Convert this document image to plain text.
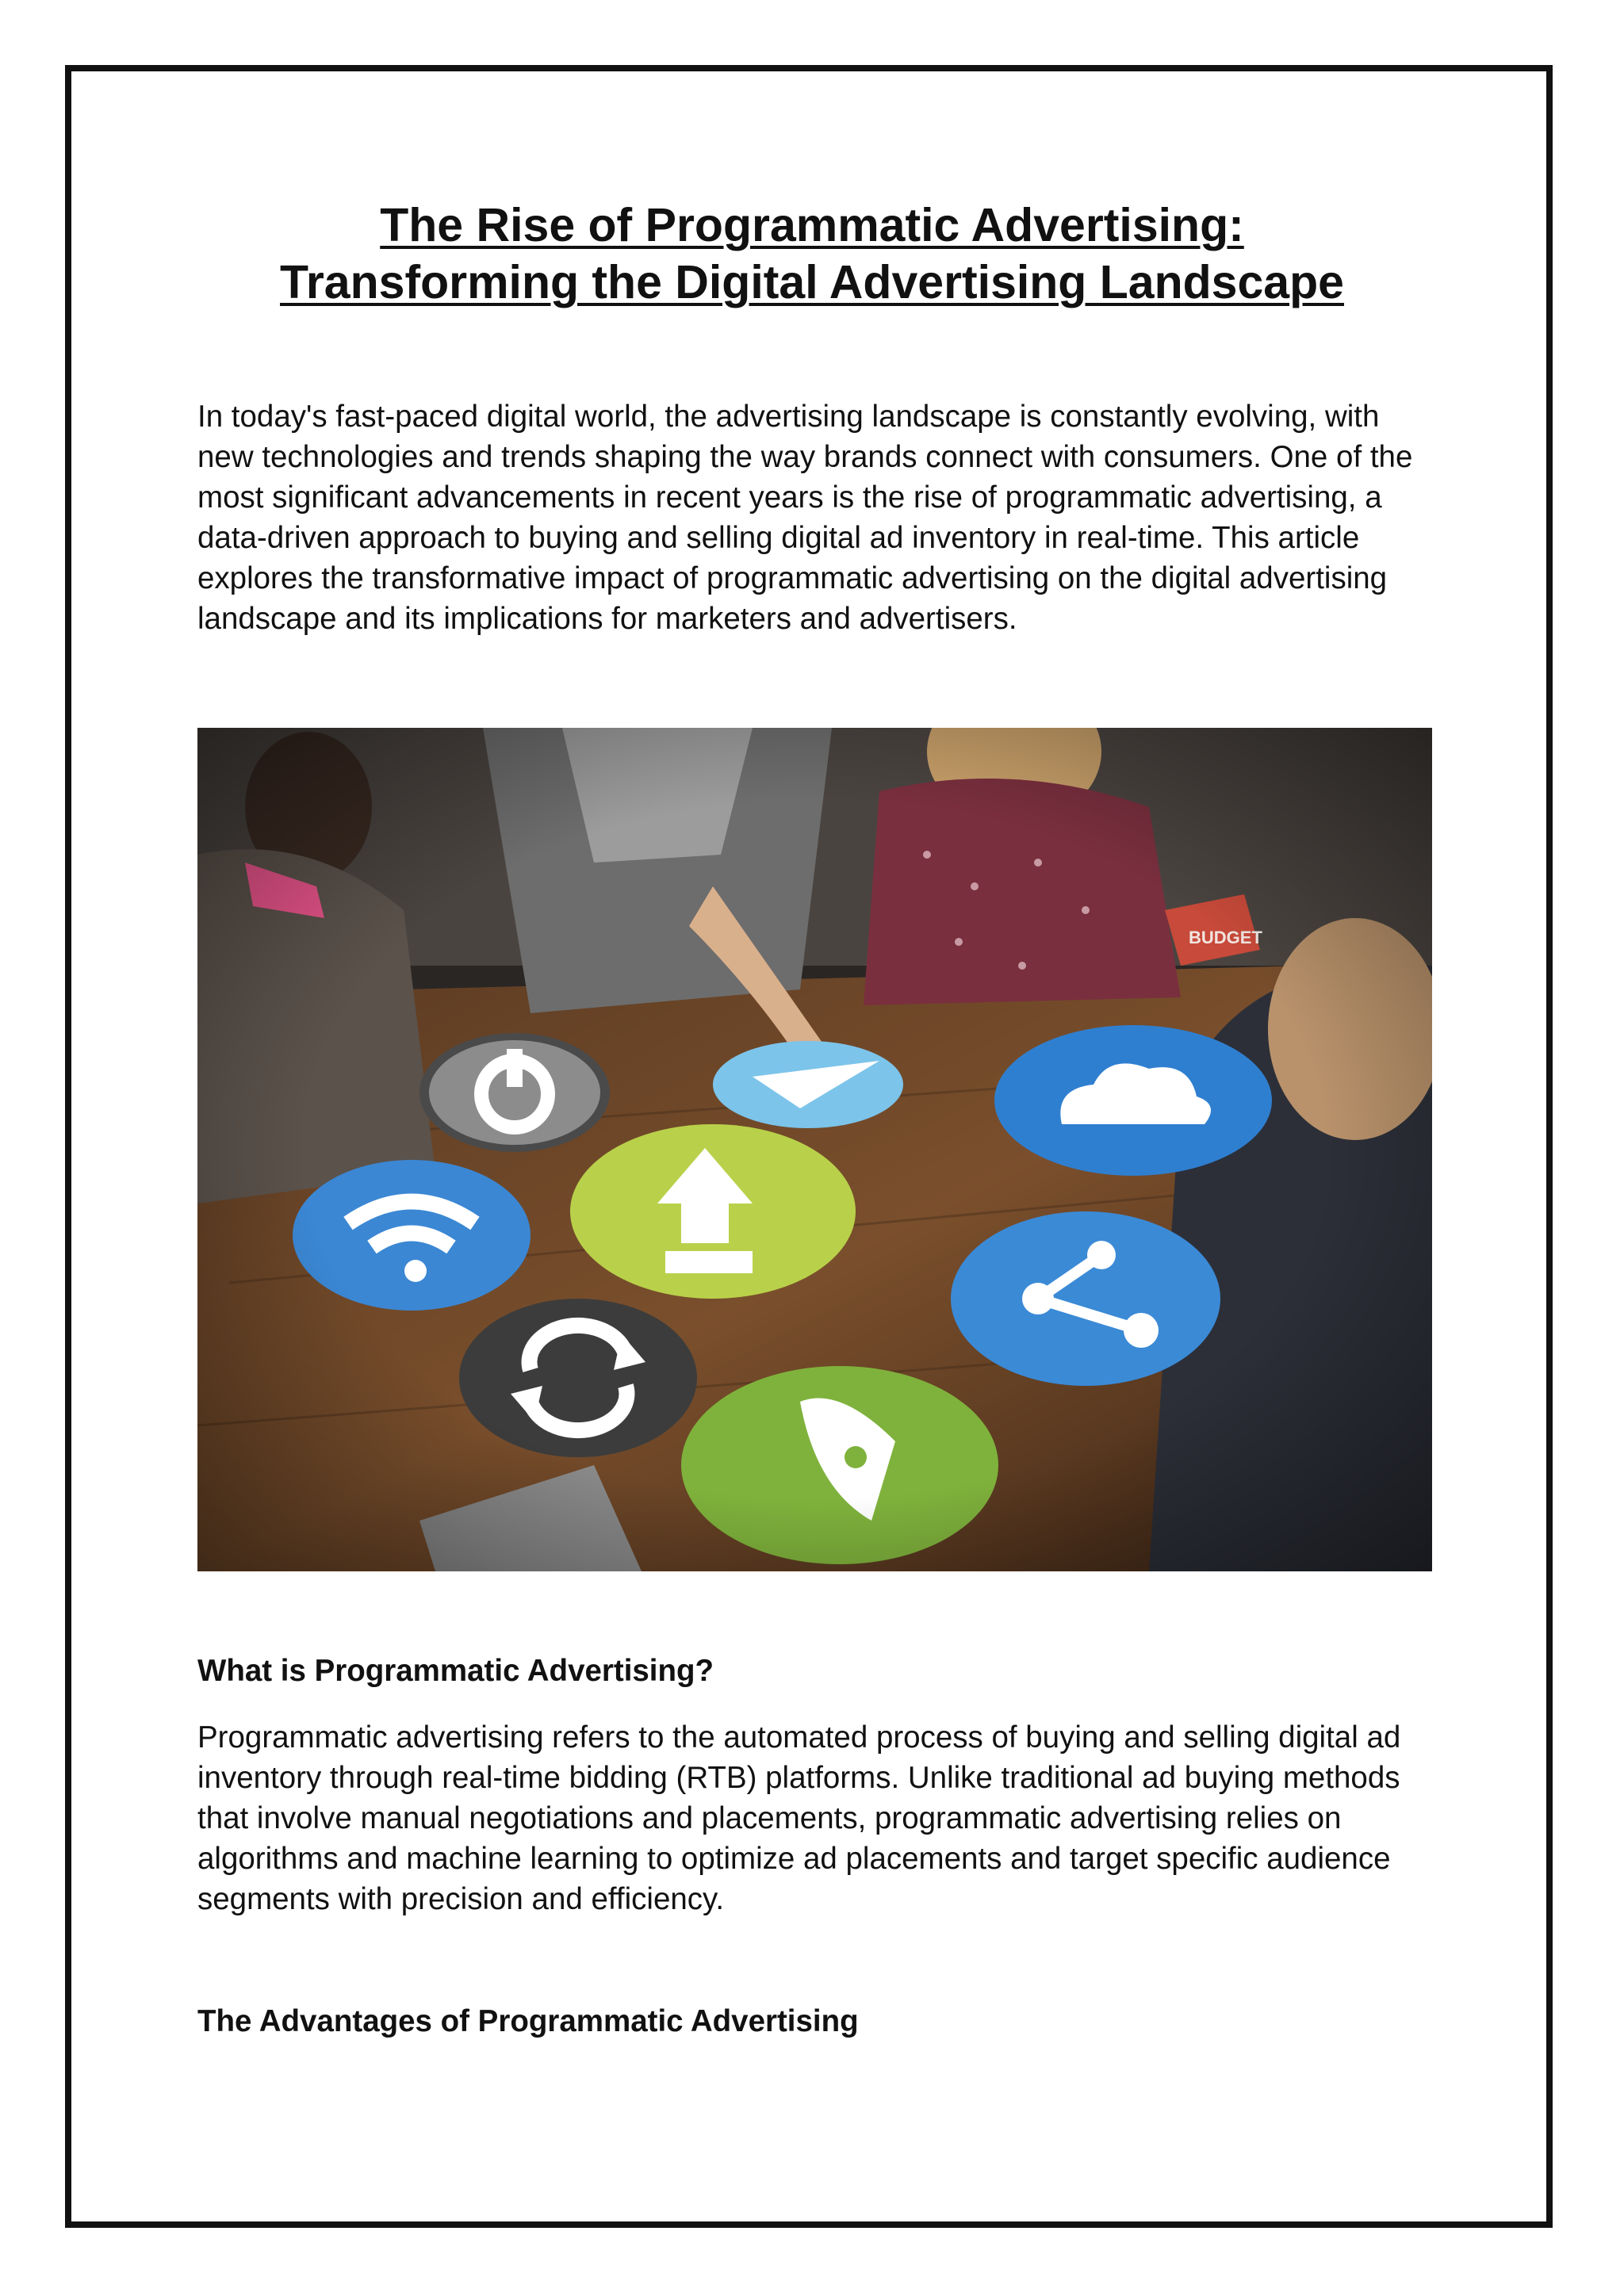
The Rise of Programmatic Advertising:
Transforming the Digital Advertising Landscape

In today's fast-paced digital world, the advertising landscape is constantly evolving, with new technologies and trends shaping the way brands connect with consumers. One of the most significant advancements in recent years is the rise of programmatic advertising, a data-driven approach to buying and selling digital ad inventory in real-time. This article explores the transformative impact of programmatic advertising on the digital advertising landscape and its implications for marketers and advertisers.

What is Programmatic Advertising?

Programmatic advertising refers to the automated process of buying and selling digital ad inventory through real-time bidding (RTB) platforms. Unlike traditional ad buying methods that involve manual negotiations and placements, programmatic advertising relies on algorithms and machine learning to optimize ad placements and target specific audience segments with precision and efficiency.

The Advantages of Programmatic Advertising
